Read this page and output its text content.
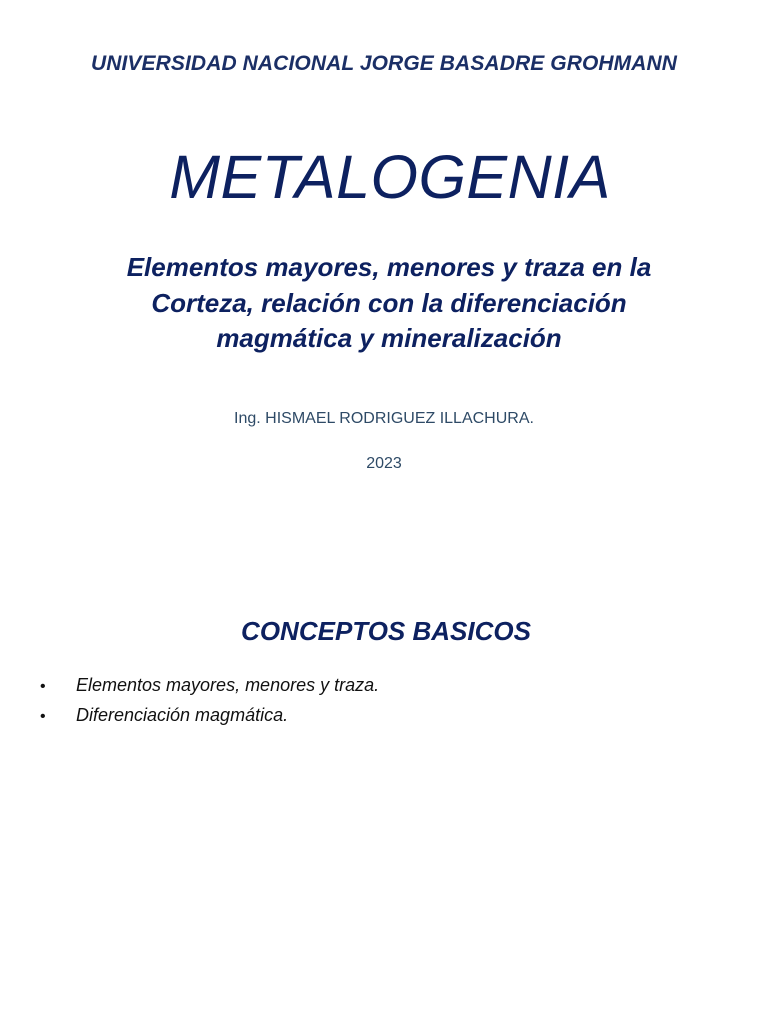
UNIVERSIDAD NACIONAL JORGE BASADRE GROHMANN
METALOGENIA
Elementos mayores, menores y traza en la Corteza, relación con la diferenciación magmática y mineralización
Ing. HISMAEL RODRIGUEZ ILLACHURA.
2023
CONCEPTOS BASICOS
•	Elementos mayores, menores y traza.
•	Diferenciación magmática.
